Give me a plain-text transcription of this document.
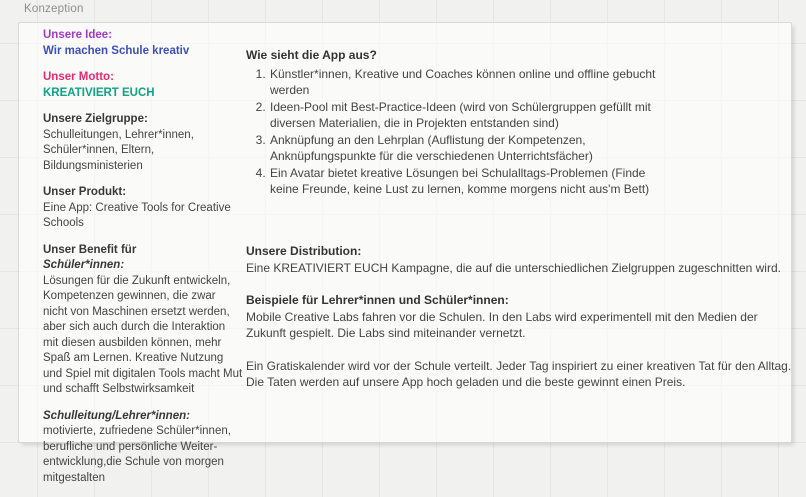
Konzeption
Unsere Idee:
Wir machen Schule kreativ
Unser Motto:
KREATIVIERT EUCH
Unsere Zielgruppe:
Schulleitungen, Lehrer*innen, Schüler*innen, Eltern, Bildungsministerien
Unser Produkt:
Eine App: Creative Tools for Creative Schools
Unser Benefit für
Schüler*innen:
Lösungen für die Zukunft entwickeln, Kompetenzen gewinnen, die zwar nicht von Maschinen ersetzt werden, aber sich auch durch die Interaktion mit diesen ausbilden können, mehr Spaß am Lernen. Kreative Nutzung und Spiel mit digitalen Tools macht Mut und schafft Selbstwirksamkeit
Schulleitung/Lehrer*innen:
motivierte, zufriedene Schüler*innen, berufliche und persönliche Weiter-entwicklung,die Schule von morgen mitgestalten
Wie sieht die App aus?
1. Künstler*innen, Kreative und Coaches können online und offline gebucht werden
2. Ideen-Pool mit Best-Practice-Ideen (wird von Schülergruppen gefüllt mit diversen Materialien, die in Projekten entstanden sind)
3. Anknüpfung an den Lehrplan (Auflistung der Kompetenzen, Anknüpfungspunkte für die verschiedenen Unterrichtsfächer)
4. Ein Avatar bietet kreative Lösungen bei Schulalltags-Problemen (Finde keine Freunde, keine Lust zu lernen, komme morgens nicht aus'm Bett)

Unsere Distribution:
Eine KREATIVIERT EUCH Kampagne, die auf die unterschiedlichen Zielgruppen zugeschnitten wird.

Beispiele für Lehrer*innen und Schüler*innen:
Mobile Creative Labs fahren vor die Schulen. In den Labs wird experimentell mit den Medien der Zukunft gespielt. Die Labs sind miteinander vernetzt.

Ein Gratiskalender wird vor der Schule verteilt. Jeder Tag inspiriert zu einer kreativen Tat für den Alltag. Die Taten werden auf unsere App hoch geladen und die beste gewinnt einen Preis.
